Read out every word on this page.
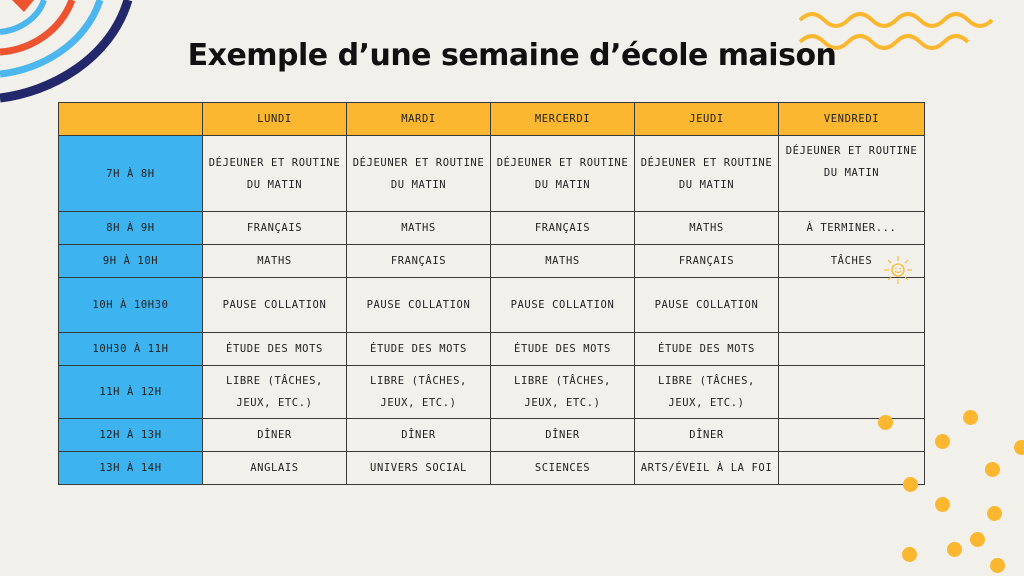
Exemple d’une semaine d’école maison
	LUNDI	MARDI	MERCERDI	JEUDI	VENDREDI
7H À 8H	DÉJEUNER ET ROUTINE DU MATIN	DÉJEUNER ET ROUTINE DU MATIN	DÉJEUNER ET ROUTINE DU MATIN	DÉJEUNER ET ROUTINE DU MATIN	DÉJEUNER ET ROUTINE DU MATIN
8H À 9H	FRANÇAIS	MATHS	FRANÇAIS	MATHS	À TERMINER...
9H À 10H	MATHS	FRANÇAIS	MATHS	FRANÇAIS	TÂCHES
10H À 10H30	PAUSE COLLATION	PAUSE COLLATION	PAUSE COLLATION	PAUSE COLLATION	
10H30 À 11H	ÉTUDE DES MOTS	ÉTUDE DES MOTS	ÉTUDE DES MOTS	ÉTUDE DES MOTS	
11H À 12H	LIBRE (TÂCHES, JEUX, ETC.)	LIBRE (TÂCHES, JEUX, ETC.)	LIBRE (TÂCHES, JEUX, ETC.)	LIBRE (TÂCHES, JEUX, ETC.)	
12H À 13H	DÎNER	DÎNER	DÎNER	DÎNER	
13H À 14H	ANGLAIS	UNIVERS SOCIAL	SCIENCES	ARTS/ÉVEIL À LA FOI	
